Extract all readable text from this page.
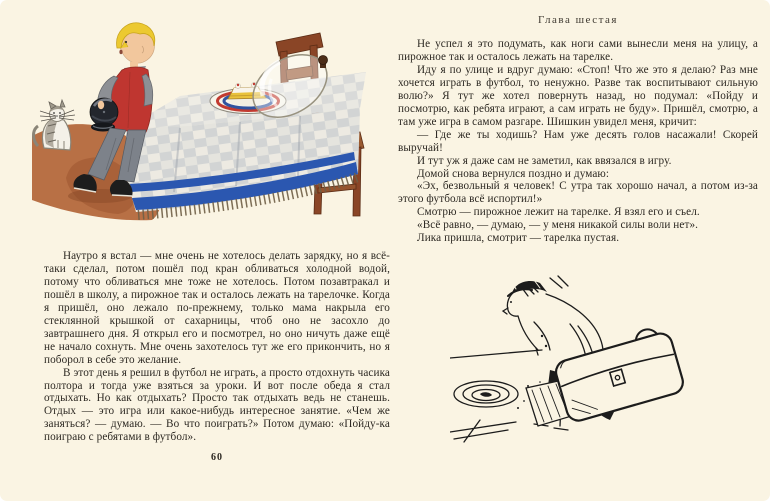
Наутро я встал — мне очень не хотелось делать зарядку, но я всё-таки сделал, потом пошёл под кран обливаться холодной водой, потому что обливаться мне тоже не хотелось. Потом позавтракал и пошёл в школу, а пирожное так и осталось лежать на тарелочке. Когда я пришёл, оно лежало по-прежнему, только мама накрыла его стеклянной крышкой от сахарницы, чтоб оно не засохло до завтрашнего дня. Я открыл его и посмотрел, но оно ничуть даже ещё не начало сохнуть. Мне очень захотелось тут же его прикончить, но я поборол в себе это желание.

В этот день я решил в футбол не играть, а просто отдохнуть часика полтора и тогда уже взяться за уроки. И вот после обеда я стал отдыхать. Но как отдыхать? Просто так отдыхать ведь не станешь. Отдых — это игра или какое-нибудь интересное занятие. «Чем же заняться? — думаю. — Во что поиграть?» Потом думаю: «Пойду-ка поиграю с ребятами в футбол».

60
Глава шестая

Не успел я это подумать, как ноги сами вынесли меня на улицу, а пирожное так и осталось лежать на тарелке.

Иду я по улице и вдруг думаю: «Стоп! Что же это я делаю? Раз мне хочется играть в футбол, то ненужно. Разве так воспитывают сильную волю?» Я тут же хотел повернуть назад, но подумал: «Пойду и посмотрю, как ребята играют, а сам играть не буду». Пришёл, смотрю, а там уже игра в самом разгаре. Шишкин увидел меня, кричит:

— Где же ты ходишь? Нам уже десять голов насажали! Скорей выручай!

И тут уж я даже сам не заметил, как ввязался в игру.

Домой снова вернулся поздно и думаю:

«Эх, безвольный я человек! С утра так хорошо начал, а потом из-за этого футбола всё испортил!»

Смотрю — пирожное лежит на тарелке. Я взял его и съел.

«Всё равно, — думаю, — у меня никакой силы воли нет».

Лика пришла, смотрит — тарелка пустая.
